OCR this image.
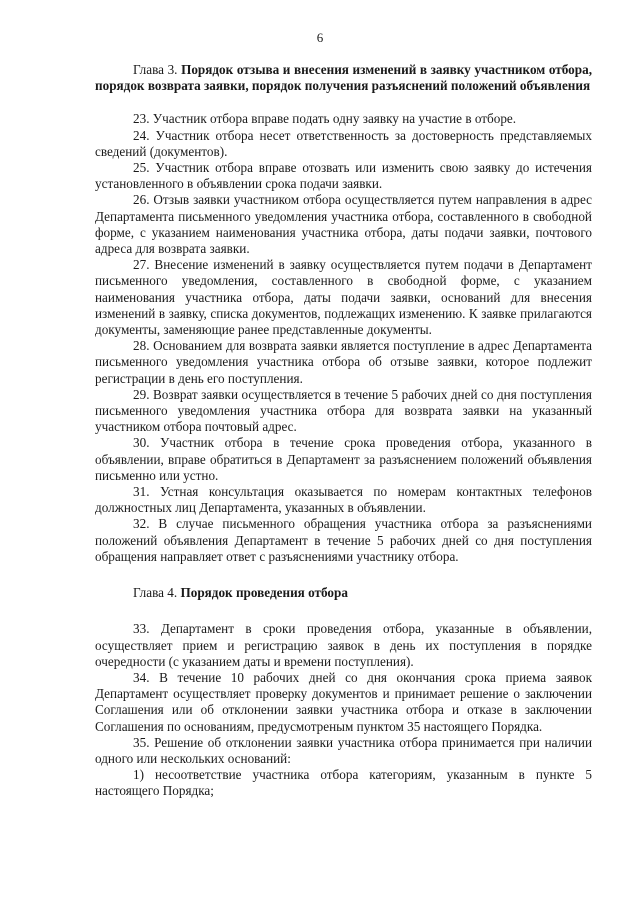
6

Глава 3. Порядок отзыва и внесения изменений в заявку участником отбора, порядок возврата заявки, порядок получения разъяснений положений объявления

23. Участник отбора вправе подать одну заявку на участие в отборе.

24. Участник отбора несет ответственность за достоверность представляемых сведений (документов).

25. Участник отбора вправе отозвать или изменить свою заявку до истечения установленного в объявлении срока подачи заявки.

26. Отзыв заявки участником отбора осуществляется путем направления в адрес Департамента письменного уведомления участника отбора, составленного в свободной форме, с указанием наименования участника отбора, даты подачи заявки, почтового адреса для возврата заявки.

27. Внесение изменений в заявку осуществляется путем подачи в Департамент письменного уведомления, составленного в свободной форме, с указанием наименования участника отбора, даты подачи заявки, оснований для внесения изменений в заявку, списка документов, подлежащих изменению. К заявке прилагаются документы, заменяющие ранее представленные документы.

28. Основанием для возврата заявки является поступление в адрес Департамента письменного уведомления участника отбора об отзыве заявки, которое подлежит регистрации в день его поступления.

29. Возврат заявки осуществляется в течение 5 рабочих дней со дня поступления письменного уведомления участника отбора для возврата заявки на указанный участником отбора почтовый адрес.

30. Участник отбора в течение срока проведения отбора, указанного в объявлении, вправе обратиться в Департамент за разъяснением положений объявления письменно или устно.

31. Устная консультация оказывается по номерам контактных телефонов должностных лиц Департамента, указанных в объявлении.

32. В случае письменного обращения участника отбора за разъяснениями положений объявления Департамент в течение 5 рабочих дней со дня поступления обращения направляет ответ с разъяснениями участнику отбора.

Глава 4. Порядок проведения отбора

33. Департамент в сроки проведения отбора, указанные в объявлении, осуществляет прием и регистрацию заявок в день их поступления в порядке очередности (с указанием даты и времени поступления).

34. В течение 10 рабочих дней со дня окончания срока приема заявок Департамент осуществляет проверку документов и принимает решение о заключении Соглашения или об отклонении заявки участника отбора и отказе в заключении Соглашения по основаниям, предусмотреным пунктом 35 настоящего Порядка.

35. Решение об отклонении заявки участника отбора принимается при наличии одного или нескольких оснований:

1) несоответствие участника отбора категориям, указанным в пункте 5 настоящего Порядка;
